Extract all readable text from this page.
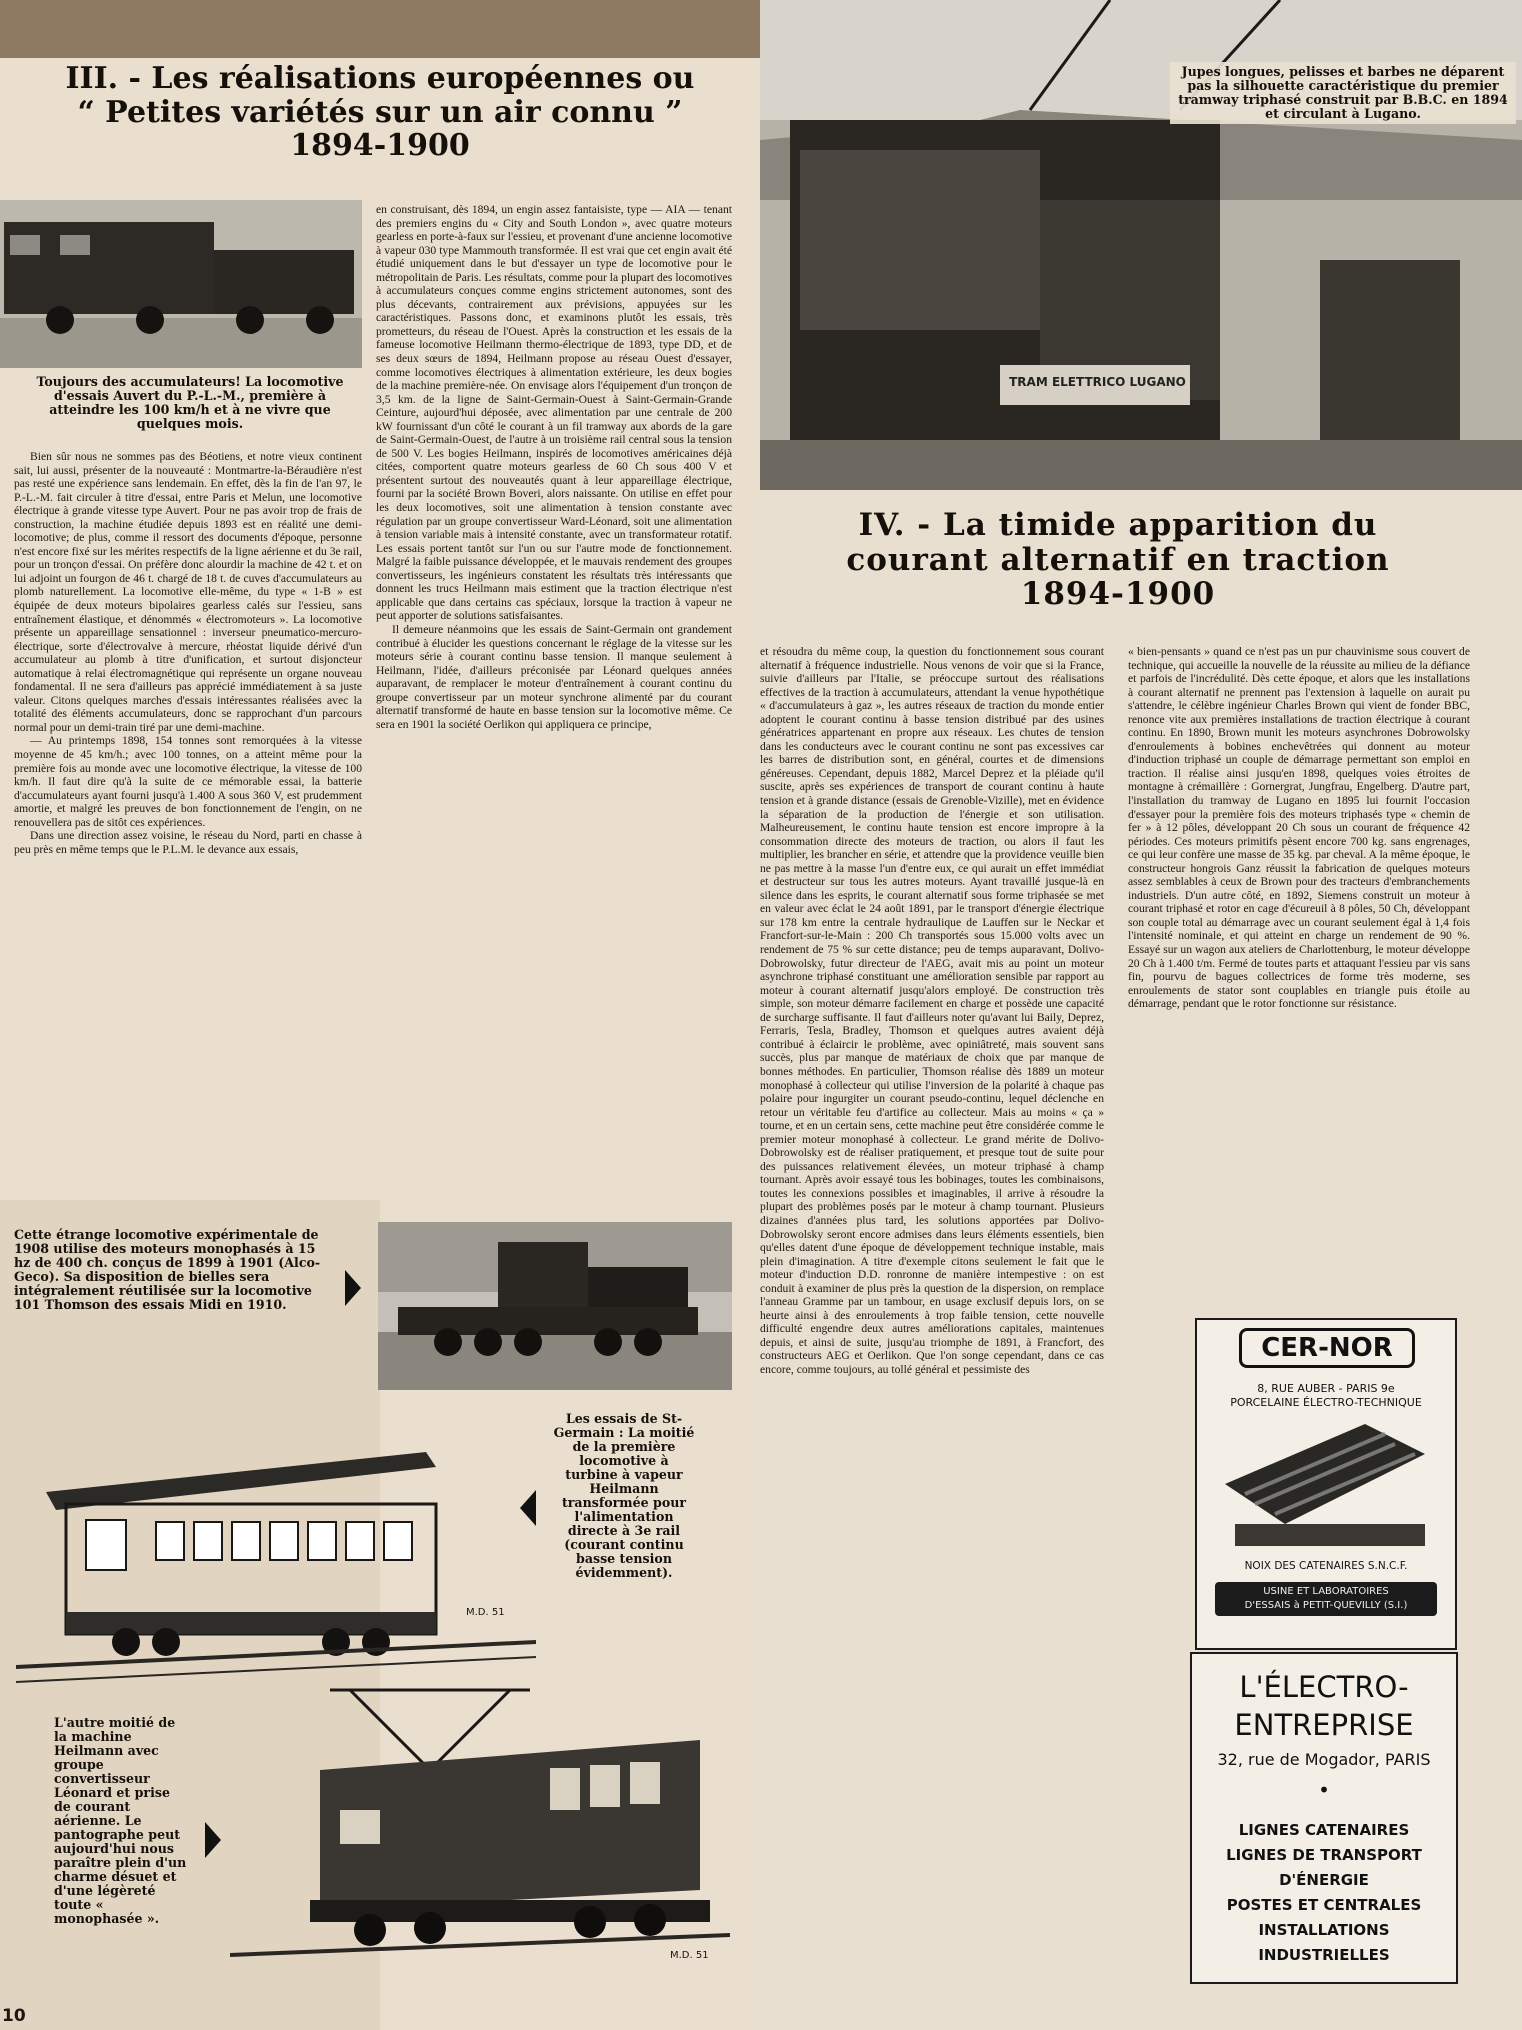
III. - Les réalisations européennes ou
“ Petites variétés sur un air connu ”
1894-1900
Toujours des accumulateurs! La locomotive d'essais Auvert du P.-L.-M., première à atteindre les 100 km/h et à ne vivre que quelques mois.

Bien sûr nous ne sommes pas des Béotiens, et notre vieux continent sait, lui aussi, présenter de la nouveauté : Montmartre-la-Béraudière n'est pas resté une expérience sans lendemain. En effet, dès la fin de l'an 97, le P.-L.-M. fait circuler à titre d'essai, entre Paris et Melun, une locomotive électrique à grande vitesse type Auvert. Pour ne pas avoir trop de frais de construction, la machine étudiée depuis 1893 est en réalité une demi-locomotive; de plus, comme il ressort des documents d'époque, personne n'est encore fixé sur les mérites respectifs de la ligne aérienne et du 3e rail, pour un tronçon d'essai. On préfère donc alourdir la machine de 42 t. et on lui adjoint un fourgon de 46 t. chargé de 18 t. de cuves d'accumulateurs au plomb naturellement. La locomotive elle-même, du type « 1-B » est équipée de deux moteurs bipolaires gearless calés sur l'essieu, sans entraînement élastique, et dénommés « électromoteurs ». La locomotive présente un appareillage sensationnel : inverseur pneumatico-mercuro-électrique, sorte d'électrovalve à mercure, rhéostat liquide dérivé d'un accumulateur au plomb à titre d'unification, et surtout disjoncteur automatique à relai électromagnétique qui représente un organe nouveau fondamental. Il ne sera d'ailleurs pas apprécié immédiatement à sa juste valeur. Citons quelques marches d'essais intéressantes réalisées avec la totalité des éléments accumulateurs, donc se rapprochant d'un parcours normal pour un demi-train tiré par une demi-machine.

— Au printemps 1898, 154 tonnes sont remorquées à la vitesse moyenne de 45 km/h.; avec 100 tonnes, on a atteint même pour la première fois au monde avec une locomotive électrique, la vitesse de 100 km/h. Il faut dire qu'à la suite de ce mémorable essai, la batterie d'accumulateurs ayant fourni jusqu'à 1.400 A sous 360 V, est prudemment amortie, et malgré les preuves de bon fonctionnement de l'engin, on ne renouvellera pas de sitôt ces expériences.

Dans une direction assez voisine, le réseau du Nord, parti en chasse à peu près en même temps que le P.L.M. le devance aux essais,

en construisant, dès 1894, un engin assez fantaisiste, type — AIA — tenant des premiers engins du « City and South London », avec quatre moteurs gearless en porte-à-faux sur l'essieu, et provenant d'une ancienne locomotive à vapeur 030 type Mammouth transformée. Il est vrai que cet engin avait été étudié uniquement dans le but d'essayer un type de locomotive pour le métropolitain de Paris. Les résultats, comme pour la plupart des locomotives à accumulateurs conçues comme engins strictement autonomes, sont des plus décevants, contrairement aux prévisions, appuyées sur les caractéristiques. Passons donc, et examinons plutôt les essais, très prometteurs, du réseau de l'Ouest. Après la construction et les essais de la fameuse locomotive Heilmann thermo-électrique de 1893, type DD, et de ses deux sœurs de 1894, Heilmann propose au réseau Ouest d'essayer, comme locomotives électriques à alimentation extérieure, les deux bogies de la machine première-née. On envisage alors l'équipement d'un tronçon de 3,5 km. de la ligne de Saint-Germain-Ouest à Saint-Germain-Grande Ceinture, aujourd'hui déposée, avec alimentation par une centrale de 200 kW fournissant d'un côté le courant à un fil tramway aux abords de la gare de Saint-Germain-Ouest, de l'autre à un troisième rail central sous la tension de 500 V. Les bogies Heilmann, inspirés de locomotives américaines déjà citées, comportent quatre moteurs gearless de 60 Ch sous 400 V et présentent surtout des nouveautés quant à leur appareillage électrique, fourni par la société Brown Boveri, alors naissante. On utilise en effet pour les deux locomotives, soit une alimentation à tension constante avec régulation par un groupe convertisseur Ward-Léonard, soit une alimentation à tension variable mais à intensité constante, avec un transformateur rotatif. Les essais portent tantôt sur l'un ou sur l'autre mode de fonctionnement. Malgré la faible puissance développée, et le mauvais rendement des groupes convertisseurs, les ingénieurs constatent les résultats très intéressants que donnent les trucs Heilmann mais estiment que la traction électrique n'est applicable que dans certains cas spéciaux, lorsque la traction à vapeur ne peut apporter de solutions satisfaisantes.

Il demeure néanmoins que les essais de Saint-Germain ont grandement contribué à élucider les questions concernant le réglage de la vitesse sur les moteurs série à courant continu basse tension. Il manque seulement à Heilmann, l'idée, d'ailleurs préconisée par Léonard quelques années auparavant, de remplacer le moteur d'entraînement à courant continu du groupe convertisseur par un moteur synchrone alimenté par du courant alternatif transformé de haute en basse tension sur la locomotive même. Ce sera en 1901 la société Oerlikon qui appliquera ce principe,

Cette étrange locomotive expérimentale de 1908 utilise des moteurs monophasés à 15 hz de 400 ch. conçus de 1899 à 1901 (Alco-Geco). Sa disposition de bielles sera intégralement réutilisée sur la locomotive 101 Thomson des essais Midi en 1910.
M.D. 51
Les essais de St-Germain : La moitié de la première locomotive à turbine à vapeur Heilmann transformée pour l'alimentation directe à 3e rail (courant continu basse tension évidemment).
L'autre moitié de la machine Heilmann avec groupe convertisseur Léonard et prise de courant aérienne. Le pantographe peut aujourd'hui nous paraître plein d'un charme désuet et d'une légèreté toute « monophasée ».
M.D. 51
TRAM ELETTRICO LUGANO
Jupes longues, pelisses et barbes ne déparent pas la silhouette caractéristique du premier tramway triphasé construit par B.B.C. en 1894 et circulant à Lugano.
IV. - La timide apparition du
courant alternatif en traction
1894-1900

et résoudra du même coup, la question du fonctionnement sous courant alternatif à fréquence industrielle. Nous venons de voir que si la France, suivie d'ailleurs par l'Italie, se préoccupe surtout des réalisations effectives de la traction à accumulateurs, attendant la venue hypothétique « d'accumulateurs à gaz », les autres réseaux de traction du monde entier adoptent le courant continu à basse tension distribué par des usines génératrices appartenant en propre aux réseaux. Les chutes de tension dans les conducteurs avec le courant continu ne sont pas excessives car les barres de distribution sont, en général, courtes et de dimensions généreuses. Cependant, depuis 1882, Marcel Deprez et la pléiade qu'il suscite, après ses expériences de transport de courant continu à haute tension et à grande distance (essais de Grenoble-Vizille), met en évidence la séparation de la production de l'énergie et son utilisation. Malheureusement, le continu haute tension est encore impropre à la consommation directe des moteurs de traction, ou alors il faut les multiplier, les brancher en série, et attendre que la providence veuille bien ne pas mettre à la masse l'un d'entre eux, ce qui aurait un effet immédiat et destructeur sur tous les autres moteurs. Ayant travaillé jusque-là en silence dans les esprits, le courant alternatif sous forme triphasée se met en valeur avec éclat le 24 août 1891, par le transport d'énergie électrique sur 178 km entre la centrale hydraulique de Lauffen sur le Neckar et Francfort-sur-le-Main : 200 Ch transportés sous 15.000 volts avec un rendement de 75 % sur cette distance; peu de temps auparavant, Dolivo-Dobrowolsky, futur directeur de l'AEG, avait mis au point un moteur asynchrone triphasé constituant une amélioration sensible par rapport au moteur à courant alternatif jusqu'alors employé. De construction très simple, son moteur démarre facilement en charge et possède une capacité de surcharge suffisante. Il faut d'ailleurs noter qu'avant lui Baily, Deprez, Ferraris, Tesla, Bradley, Thomson et quelques autres avaient déjà contribué à éclaircir le problème, avec opiniâtreté, mais souvent sans succès, plus par manque de matériaux de choix que par manque de bonnes méthodes. En particulier, Thomson réalise dès 1889 un moteur monophasé à collecteur qui utilise l'inversion de la polarité à chaque pas polaire pour ingurgiter un courant pseudo-continu, lequel déclenche en retour un véritable feu d'artifice au collecteur. Mais au moins « ça » tourne, et en un certain sens, cette machine peut être considérée comme le premier moteur monophasé à collecteur. Le grand mérite de Dolivo-Dobrowolsky est de réaliser pratiquement, et presque tout de suite pour des puissances relativement élevées, un moteur triphasé à champ tournant. Après avoir essayé tous les bobinages, toutes les combinaisons, toutes les connexions possibles et imaginables, il arrive à résoudre la plupart des problèmes posés par le moteur à champ tournant. Plusieurs dizaines d'années plus tard, les solutions apportées par Dolivo-Dobrowolsky seront encore admises dans leurs éléments essentiels, bien qu'elles datent d'une époque de développement technique instable, mais plein d'imagination. A titre d'exemple citons seulement le fait que le moteur d'induction D.D. ronronne de manière intempestive : on est conduit à examiner de plus près la question de la dispersion, on remplace l'anneau Gramme par un tambour, en usage exclusif depuis lors, on se heurte ainsi à des enroulements à trop faible tension, cette nouvelle difficulté engendre deux autres améliorations capitales, maintenues depuis, et ainsi de suite, jusqu'au triomphe de 1891, à Francfort, des constructeurs AEG et Oerlikon. Que l'on songe cependant, dans ce cas encore, comme toujours, au tollé général et pessimiste des

« bien-pensants » quand ce n'est pas un pur chauvinisme sous couvert de technique, qui accueille la nouvelle de la réussite au milieu de la défiance et parfois de l'incrédulité. Dès cette époque, et alors que les installations à courant alternatif ne prennent pas l'extension à laquelle on aurait pu s'attendre, le célèbre ingénieur Charles Brown qui vient de fonder BBC, renonce vite aux premières installations de traction électrique à courant continu. En 1890, Brown munit les moteurs asynchrones Dobrowolsky d'enroulements à bobines enchevêtrées qui donnent au moteur d'induction triphasé un couple de démarrage permettant son emploi en traction. Il réalise ainsi jusqu'en 1898, quelques voies étroites de montagne à crémaillère : Gornergrat, Jungfrau, Engelberg. D'autre part, l'installation du tramway de Lugano en 1895 lui fournit l'occasion d'essayer pour la première fois des moteurs triphasés type « chemin de fer » à 12 pôles, développant 20 Ch sous un courant de fréquence 42 périodes. Ces moteurs primitifs pèsent encore 700 kg. sans engrenages, ce qui leur confère une masse de 35 kg. par cheval. A la même époque, le constructeur hongrois Ganz réussit la fabrication de quelques moteurs assez semblables à ceux de Brown pour des tracteurs d'embranchements industriels. D'un autre côté, en 1892, Siemens construit un moteur à courant triphasé et rotor en cage d'écureuil à 8 pôles, 50 Ch, développant son couple total au démarrage avec un courant seulement égal à 1,4 fois l'intensité nominale, et qui atteint en charge un rendement de 90 %. Essayé sur un wagon aux ateliers de Charlottenburg, le moteur développe 20 Ch à 1.400 t/m. Fermé de toutes parts et attaquant l'essieu par vis sans fin, pourvu de bagues collectrices de forme très moderne, ses enroulements de stator sont couplables en triangle puis étoile au démarrage, pendant que le rotor fonctionne sur résistance.

CER-NOR
8, RUE AUBER - PARIS 9e
PORCELAINE ÉLECTRO-TECHNIQUE
NOIX DES CATENAIRES S.N.C.F.
USINE ET LABORATOIRES
D'ESSAIS à PETIT-QUEVILLY (S.I.)
L'ÉLECTRO-
ENTREPRISE
32, rue de Mogador, PARIS
•
LIGNES CATENAIRES
LIGNES DE TRANSPORT
D'ÉNERGIE
POSTES ET CENTRALES
INSTALLATIONS INDUSTRIELLES
10
